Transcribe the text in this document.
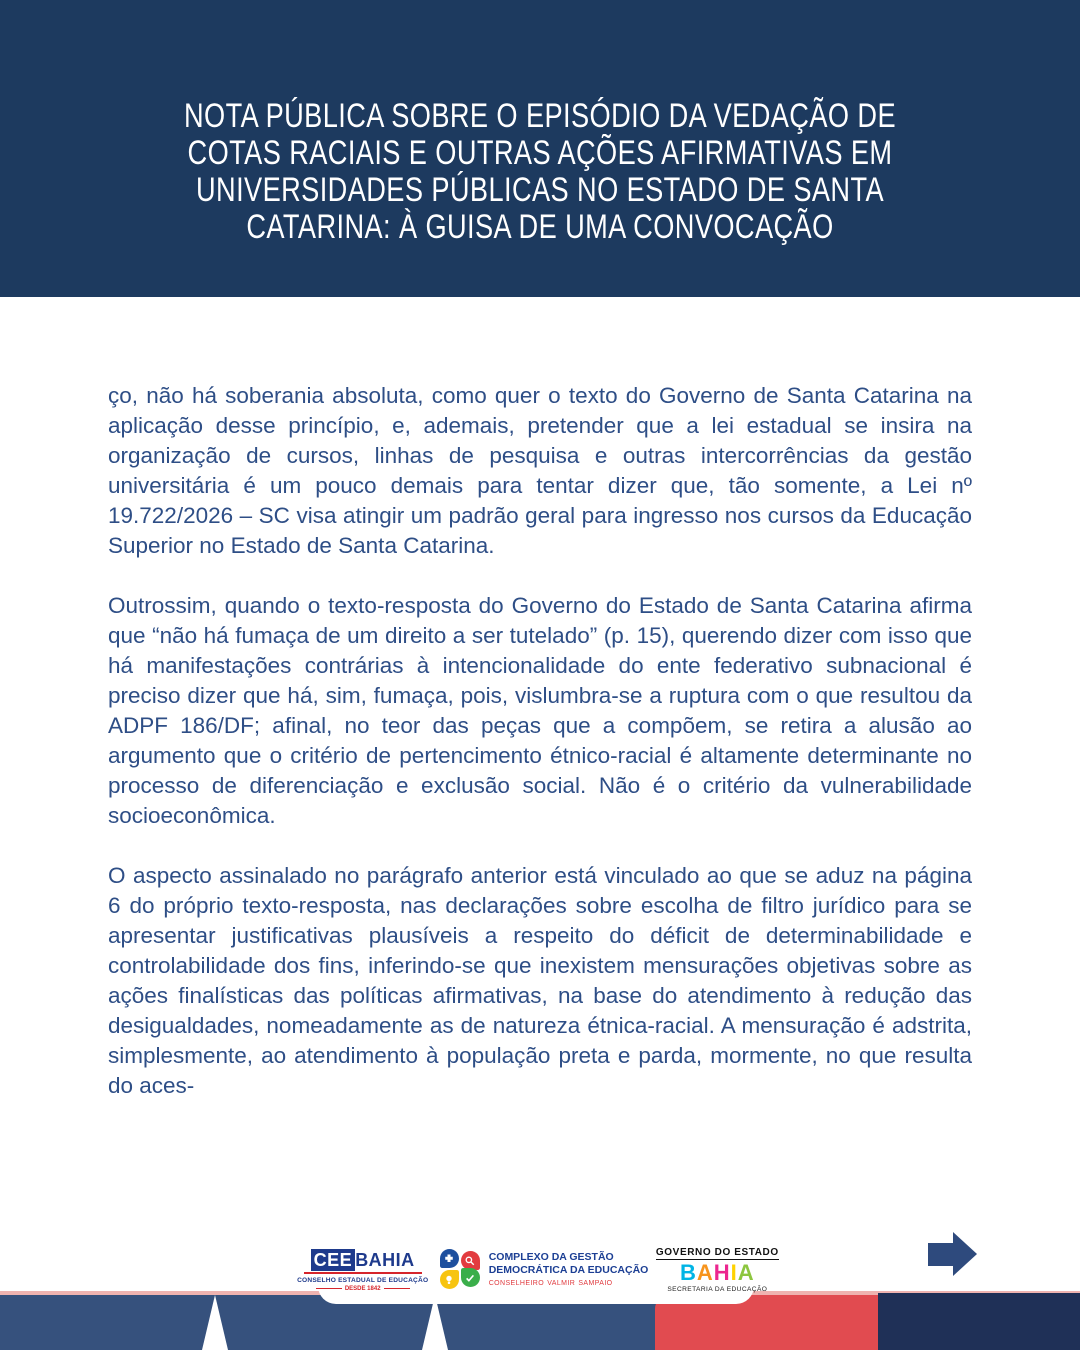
NOTA PÚBLICA SOBRE O EPISÓDIO DA VEDAÇÃO DE
COTAS RACIAIS E OUTRAS AÇÕES AFIRMATIVAS EM
UNIVERSIDADES PÚBLICAS NO ESTADO DE SANTA
CATARINA: À GUISA DE UMA CONVOCAÇÃO

ço, não há soberania absoluta, como quer o texto do Governo de Santa Catarina na aplicação desse princípio, e, ademais, pretender que a lei estadual se insira na organização de cursos, linhas de pesquisa e outras intercorrências da gestão universitária é um pouco demais para tentar dizer que, tão somente, a Lei nº 19.722/2026 – SC visa atingir um padrão geral para ingresso nos cursos da Educação Superior no Estado de Santa Catarina.

Outrossim, quando o texto-resposta do Governo do Estado de Santa Catarina afirma que “não há fumaça de um direito a ser tutelado” (p. 15), querendo dizer com isso que há manifestações contrárias à intencionalidade do ente federativo subnacional é preciso dizer que há, sim, fumaça, pois, vislumbra-se a ruptura com o que resultou da ADPF 186/DF; afinal, no teor das peças que a compõem, se retira a alusão ao argumento que o critério de pertencimento étnico-racial é altamente determinante no processo de diferenciação e exclusão social. Não é o critério da vulnerabilidade socioeconômica.

O aspecto assinalado no parágrafo anterior está vinculado ao que se aduz na página 6 do próprio texto-resposta, nas declarações sobre escolha de filtro jurídico para se apresentar justificativas plausíveis a respeito do déficit de determinabilidade e controlabilidade dos fins, inferindo-se que inexistem mensurações objetivas sobre as ações finalísticas das políticas afirmativas, na base do atendimento à redução das desigualdades, nomeadamente as de natureza étnica-racial. A mensuração é adstrita, simplesmente, ao atendimento à população preta e parda, mormente, no que resulta do aces-

CEE BAHIA
CONSELHO ESTADUAL DE EDUCAÇÃO
DESDE 1842
COMPLEXO DA GESTÃO
DEMOCRÁTICA DA EDUCAÇÃO
conselheiro valmir sampaio
GOVERNO DO ESTADO
BAHIA
SECRETARIA DA EDUCAÇÃO
